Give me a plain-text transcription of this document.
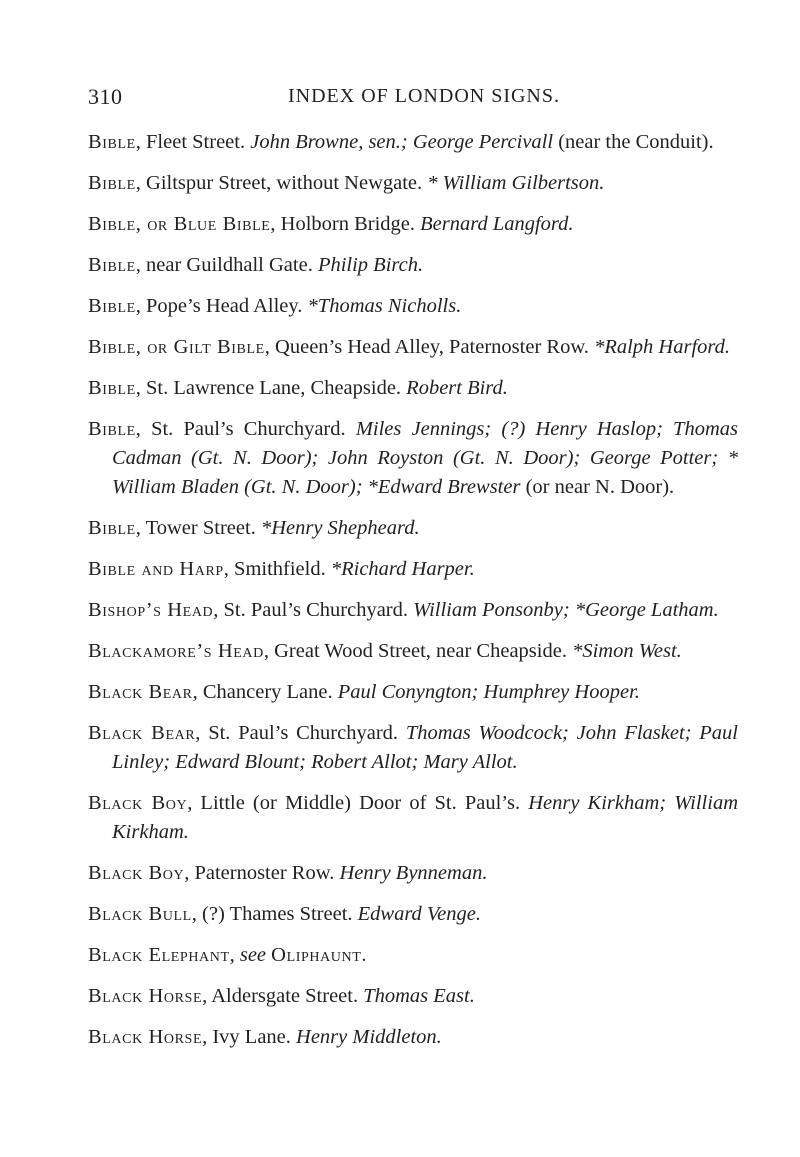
310	INDEX OF LONDON SIGNS.

Bible, Fleet Street. John Browne, sen.; George Percivall (near the Conduit).

Bible, Giltspur Street, without Newgate. * William Gilbertson.

Bible, or Blue Bible, Holborn Bridge. Bernard Langford.

Bible, near Guildhall Gate. Philip Birch.

Bible, Pope’s Head Alley. *Thomas Nicholls.

Bible, or Gilt Bible, Queen’s Head Alley, Paternoster Row. *Ralph Harford.

Bible, St. Lawrence Lane, Cheapside. Robert Bird.

Bible, St. Paul’s Churchyard. Miles Jennings; (?) Henry Haslop; Thomas Cadman (Gt. N. Door); John Royston (Gt. N. Door); George Potter; * William Bladen (Gt. N. Door); *Edward Brewster (or near N. Door).

Bible, Tower Street. *Henry Shepheard.

Bible and Harp, Smithfield. *Richard Harper.

Bishop’s Head, St. Paul’s Churchyard. William Ponsonby; *George Latham.

Blackamore’s Head, Great Wood Street, near Cheapside. *Simon West.

Black Bear, Chancery Lane. Paul Conyngton; Humphrey Hooper.

Black Bear, St. Paul’s Churchyard. Thomas Woodcock; John Flasket; Paul Linley; Edward Blount; Robert Allot; Mary Allot.

Black Boy, Little (or Middle) Door of St. Paul’s. Henry Kirkham; William Kirkham.

Black Boy, Paternoster Row. Henry Bynneman.

Black Bull, (?) Thames Street. Edward Venge.

Black Elephant, see Oliphaunt.

Black Horse, Aldersgate Street. Thomas East.

Black Horse, Ivy Lane. Henry Middleton.
